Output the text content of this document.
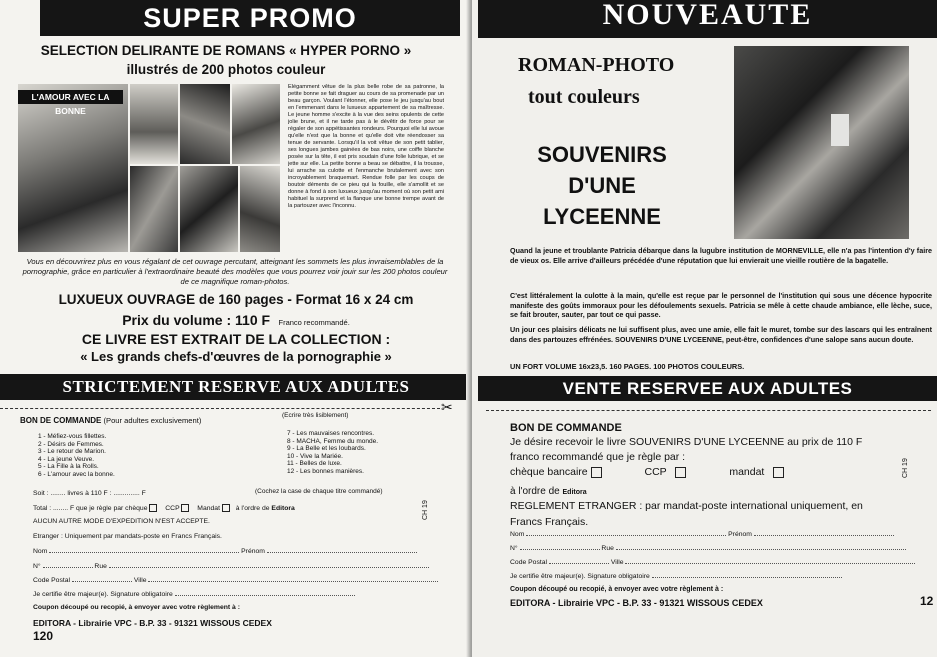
SUPER PROMO
SELECTION DELIRANTE DE ROMANS « HYPER PORNO »
illustrés de 200 photos couleur
L'AMOUR AVEC LA BONNE
Élégamment vêtue de la plus belle robe de sa patronne, la petite bonne se fait draguer au cours de sa promenade par un beau garçon. Voulant l'étonner, elle pose le jeu jusqu'au bout en l'emmenant dans le luxueux appartement de sa maîtresse. Le jeune homme s'excite à la vue des seins opulents de cette jolie brune, et il ne tarde pas à le dévêtir de force pour se régaler de son appétissantes rondeurs. Pourquoi elle lui avoue qu'elle n'est que la bonne et qu'elle doit vite réendosser sa tenue de servante. Lorsqu'il la voit vêtue de son petit tablier, ses longues jambes gainées de bas noirs, une coiffe blanche posée sur la tête, il est pris soudain d'une folie lubrique, et se jette sur elle. La petite bonne a beau se débattre, il la trousse, lui arrache sa culotte et l'enmanche brutalement avec son incroyablement braquemart. Rendue folle par les coups de boutoir déments de ce pieu qui la fouille, elle s'amollit et se donne à fond à son luxueux jusqu'au moment où son petit ami habituel la surprend et la flanque une bonne trempe avant de la partouzer avec l'inconnu.
Vous en découvrirez plus en vous régalant de cet ouvrage percutant, atteignant les sommets les plus invraisemblables de la pornographie, grâce en particulier à l'extraordinaire beauté des modèles que vous pourrez voir jouir sur les 200 photos couleur de ce magnifique roman-photos.
LUXUEUX OUVRAGE de 160 pages - Format 16 x 24 cm
Prix du volume : 110 F Franco recommandé.
CE LIVRE EST EXTRAIT DE LA COLLECTION :
« Les grands chefs-d'œuvres de la pornographie »
STRICTEMENT RESERVE AUX ADULTES
✂
BON DE COMMANDE (Pour adultes exclusivement)
(Ecrire très lisiblement)
1 - Méfiez-vous fillettes.
2 - Désirs de Femmes.
3 - Le retour de Marion.
4 - La jeune Veuve.
5 - La Fille à la Rolls.
6 - L'amour avec la bonne.
7 - Les mauvaises rencontres.
8 - MACHA, Femme du monde.
9 - La Belle et les loubards.
10 - Vive la Mariée.
11 - Belles de luxe.
12 - Les bonnes manières.
Soit : ........ livres à 110 F : .............. F	(Cochez la case de chaque titre commandé)
Total : ........ F que je règle par chèque	CCP	Mandat à l'ordre de Editora
AUCUN AUTRE MODE D'EXPEDITION N'EST ACCEPTE.
Etranger : Uniquement par mandats-poste en Francs Français.
CH 19
Nom	Prénom
N°	Rue
Code Postal	Ville
Je certifie être majeur(e). Signature obligatoire
Coupon découpé ou recopié, à envoyer avec votre règlement à :
EDITORA - Librairie VPC - B.P. 33 - 91321 WISSOUS CEDEX
120
NOUVEAUTE
ROMAN-PHOTO
tout couleurs
SOUVENIRS
D'UNE
LYCEENNE
Quand la jeune et troublante Patricia débarque dans la lugubre institution de MORNEVILLE, elle n'a pas l'intention d'y faire de vieux os. Elle arrive d'ailleurs précédée d'une réputation que lui envierait une vieille routière de la bagatelle.
C'est littéralement la culotte à la main, qu'elle est reçue par le personnel de l'institution qui sous une décence hypocrite manifeste des goûts immoraux pour les défoulements sexuels. Patricia se mêle à cette chaude ambiance, elle lèche, suce, se fait brouter, sauter, par tout ce qui passe.
Un jour ces plaisirs délicats ne lui suffisent plus, avec une amie, elle fait le muret, tombe sur des lascars qui les entraînent dans des partouzes effrénées. SOUVENIRS D'UNE LYCEENNE, peut-être, confidences d'une salope sans aucun doute.
UN FORT VOLUME 16x23,5. 160 PAGES. 100 PHOTOS COULEURS.
VENTE RESERVEE AUX ADULTES
BON DE COMMANDE
Je désire recevoir le livre SOUVENIRS D'UNE LYCEENNE au prix de 110 F
franco recommandé que je règle par :
chèque bancaire	CCP	mandat	CH 19
à l'ordre de Editora
REGLEMENT ETRANGER : par mandat-poste international uniquement, en
Francs Français.
Nom	Prénom
N°	Rue
Code Postal	Ville
Je certifie être majeur(e). Signature obligatoire
Coupon découpé ou recopié, à envoyer avec votre règlement à :
EDITORA - Librairie VPC - B.P. 33 - 91321 WISSOUS CEDEX	12
